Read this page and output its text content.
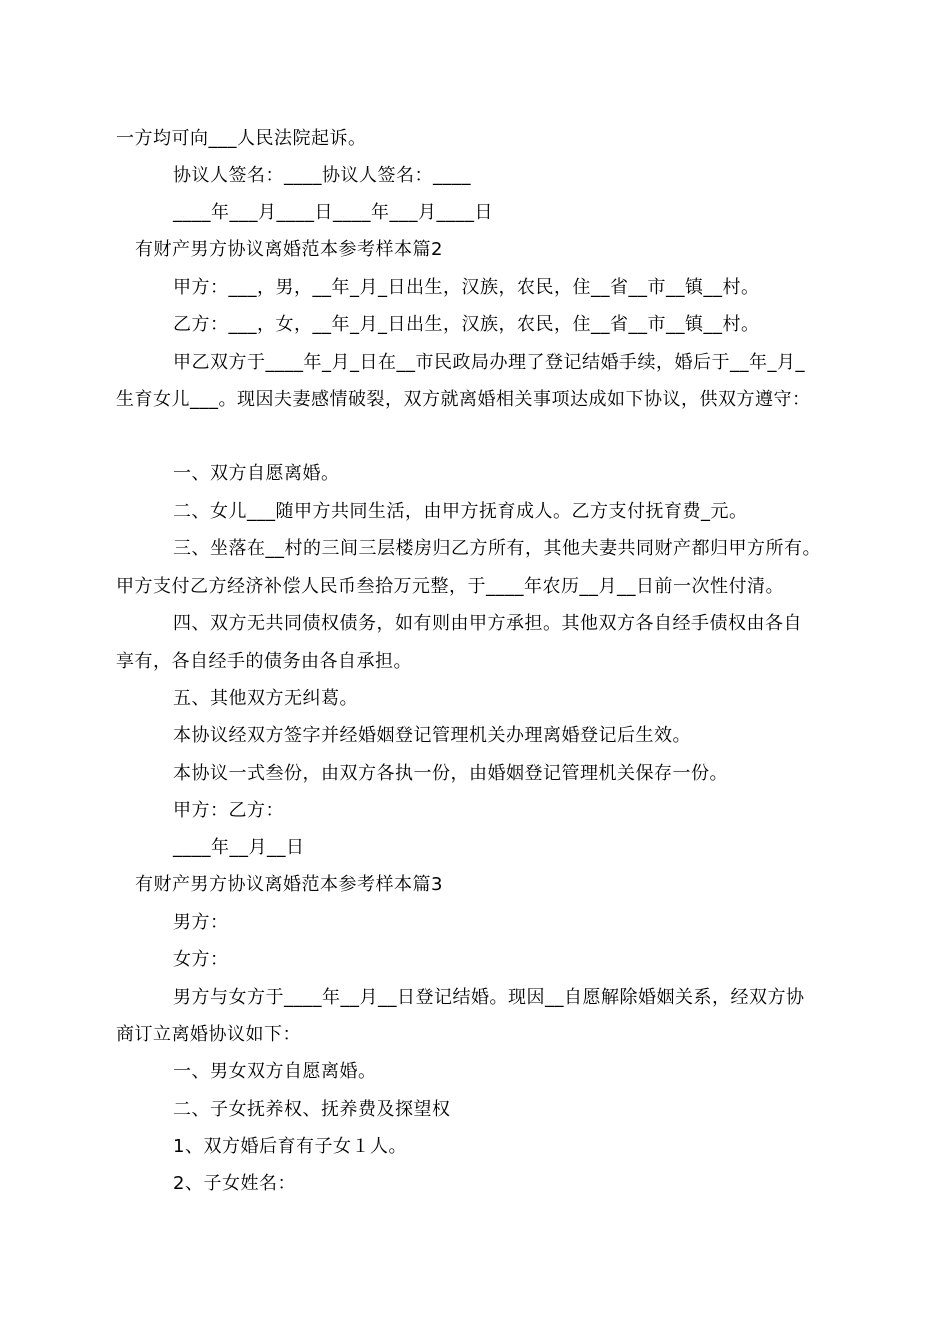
一方均可向___人民法院起诉。
协议人签名：____协议人签名：____
____年___月____日____年___月____日
有财产男方协议离婚范本参考样本篇2
甲方：___，男，__年_月_日出生，汉族，农民，住__省__市__镇__村。
乙方：___，女，__年_月_日出生，汉族，农民，住__省__市__镇__村。
甲乙双方于____年_月_日在__市民政局办理了登记结婚手续，婚后于__年_月_
生育女儿___。现因夫妻感情破裂，双方就离婚相关事项达成如下协议，供双方遵守：
一、双方自愿离婚。
二、女儿___随甲方共同生活，由甲方抚育成人。乙方支付抚育费_元。
三、坐落在__村的三间三层楼房归乙方所有，其他夫妻共同财产都归甲方所有。
甲方支付乙方经济补偿人民币叁拾万元整，于____年农历__月__日前一次性付清。
四、双方无共同债权债务，如有则由甲方承担。其他双方各自经手债权由各自
享有，各自经手的债务由各自承担。
五、其他双方无纠葛。
本协议经双方签字并经婚姻登记管理机关办理离婚登记后生效。
本协议一式叁份，由双方各执一份，由婚姻登记管理机关保存一份。
甲方：乙方：
____年__月__日
有财产男方协议离婚范本参考样本篇3
男方：
女方：
男方与女方于____年__月__日登记结婚。现因__自愿解除婚姻关系，经双方协
商订立离婚协议如下：
一、男女双方自愿离婚。
二、子女抚养权、抚养费及探望权
1、双方婚后育有子女１人。
2、子女姓名：
